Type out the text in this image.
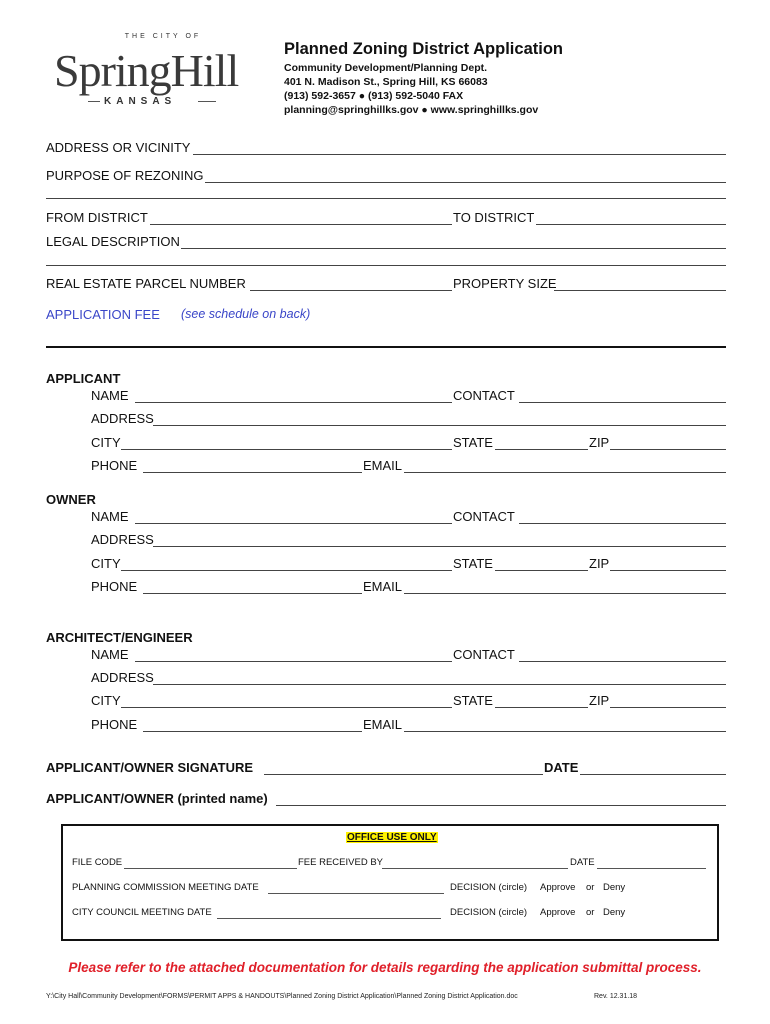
THE CITY OF
SpringHill
KANSAS
Planned Zoning District Application
Community Development/Planning Dept.
401 N. Madison St., Spring Hill, KS 66083
(913) 592-3657 ● (913) 592-5040 FAX
planning@springhillks.gov ● www.springhillks.gov
ADDRESS OR VICINITY
PURPOSE OF REZONING
FROM DISTRICT	TO DISTRICT
LEGAL DESCRIPTION
REAL ESTATE PARCEL NUMBER	PROPERTY SIZE
APPLICATION FEE (see schedule on back)
APPLICANT
NAME	CONTACT
ADDRESS
CITY	STATE	ZIP
PHONE	EMAIL
OWNER
NAME	CONTACT
ADDRESS
CITY	STATE	ZIP
PHONE	EMAIL
ARCHITECT/ENGINEER
NAME	CONTACT
ADDRESS
CITY	STATE	ZIP
PHONE	EMAIL
APPLICANT/OWNER SIGNATURE	DATE
APPLICANT/OWNER (printed name)
OFFICE USE ONLY
FILE CODE	FEE RECEIVED BY	DATE
PLANNING COMMISSION MEETING DATE	DECISION (circle) Approve or Deny
CITY COUNCIL MEETING DATE	DECISION (circle) Approve or Deny
Please refer to the attached documentation for details regarding the application submittal process.
Y:\City Hall\Community Development\FORMS\PERMIT APPS & HANDOUTS\Planned Zoning District Application\Planned Zoning District Application.doc	Rev. 12.31.18
